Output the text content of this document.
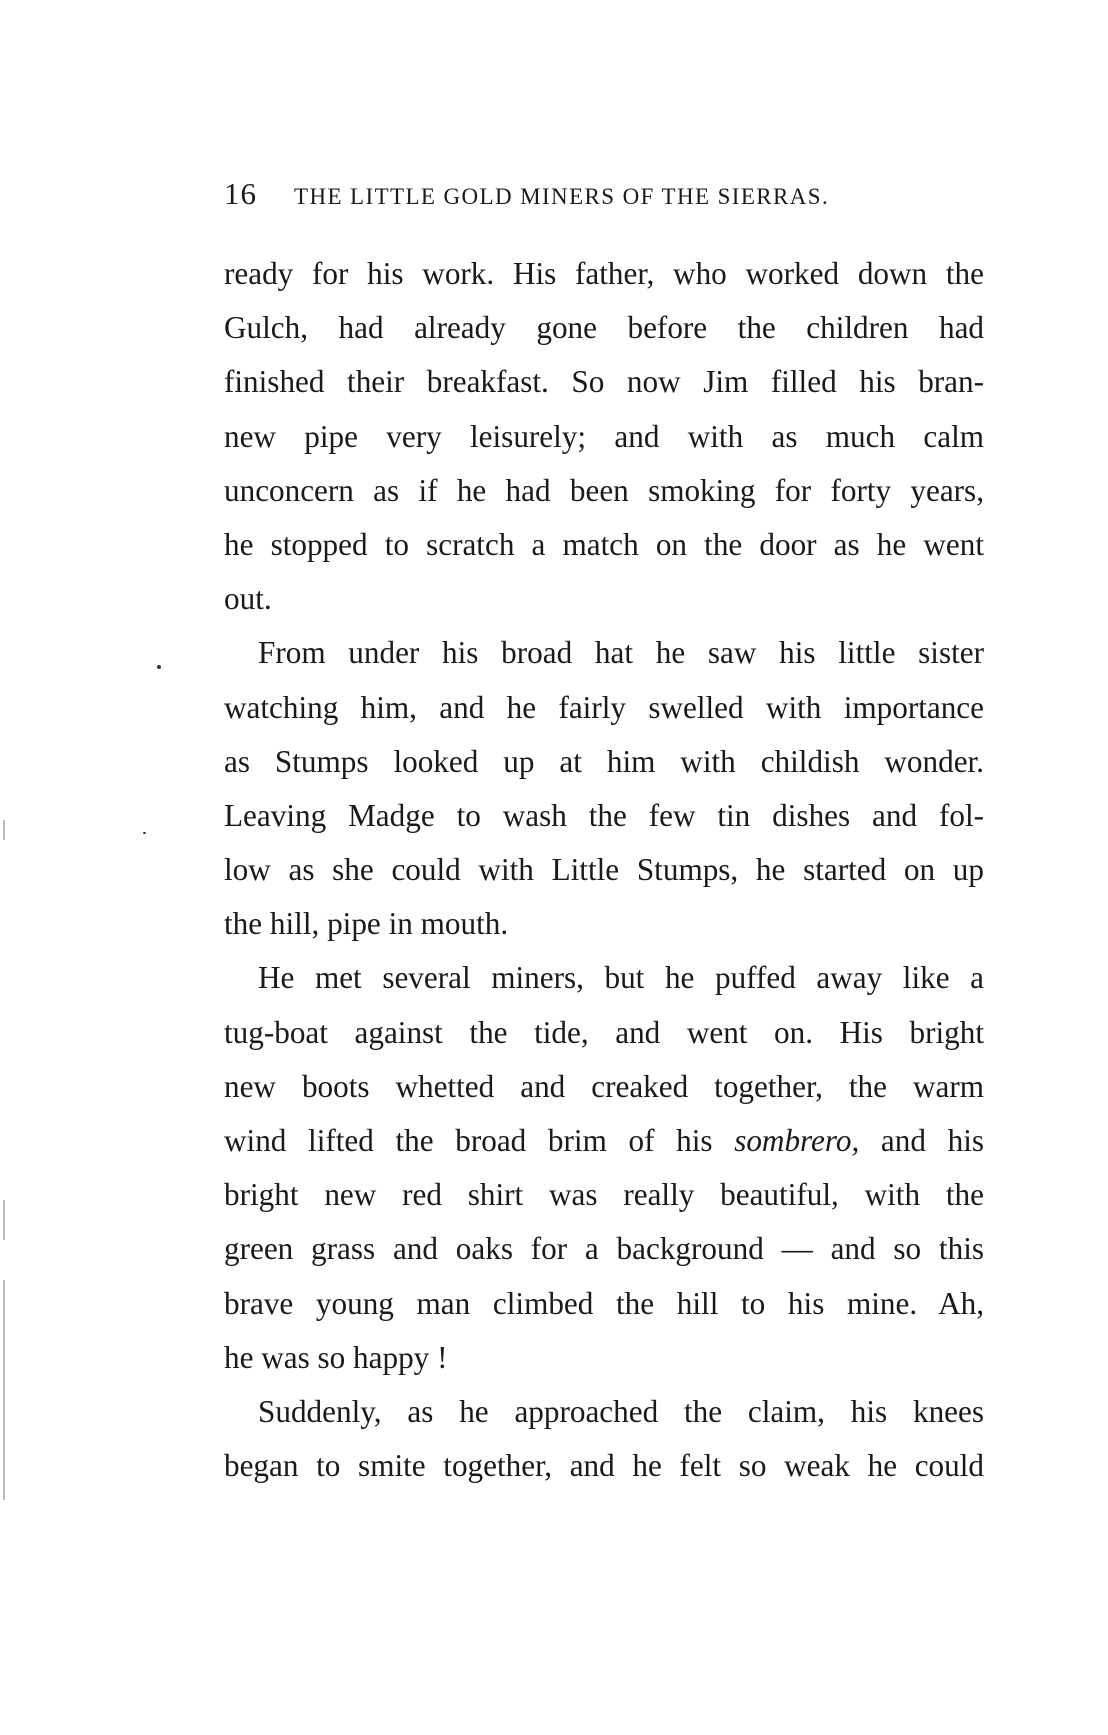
16	THE LITTLE GOLD MINERS OF THE SIERRAS.
ready for his work. His father, who worked down the
Gulch, had already gone before the children had
finished their breakfast. So now Jim filled his bran-
new pipe very leisurely; and with as much calm
unconcern as if he had been smoking for forty years,
he stopped to scratch a match on the door as he went
out.
From under his broad hat he saw his little sister
watching him, and he fairly swelled with importance
as Stumps looked up at him with childish wonder.
Leaving Madge to wash the few tin dishes and fol-
low as she could with Little Stumps, he started on up
the hill, pipe in mouth.
He met several miners, but he puffed away like a
tug-boat against the tide, and went on. His bright
new boots whetted and creaked together, the warm
wind lifted the broad brim of his sombrero, and his
bright new red shirt was really beautiful, with the
green grass and oaks for a background — and so this
brave young man climbed the hill to his mine. Ah,
he was so happy !
Suddenly, as he approached the claim, his knees
began to smite together, and he felt so weak he could
